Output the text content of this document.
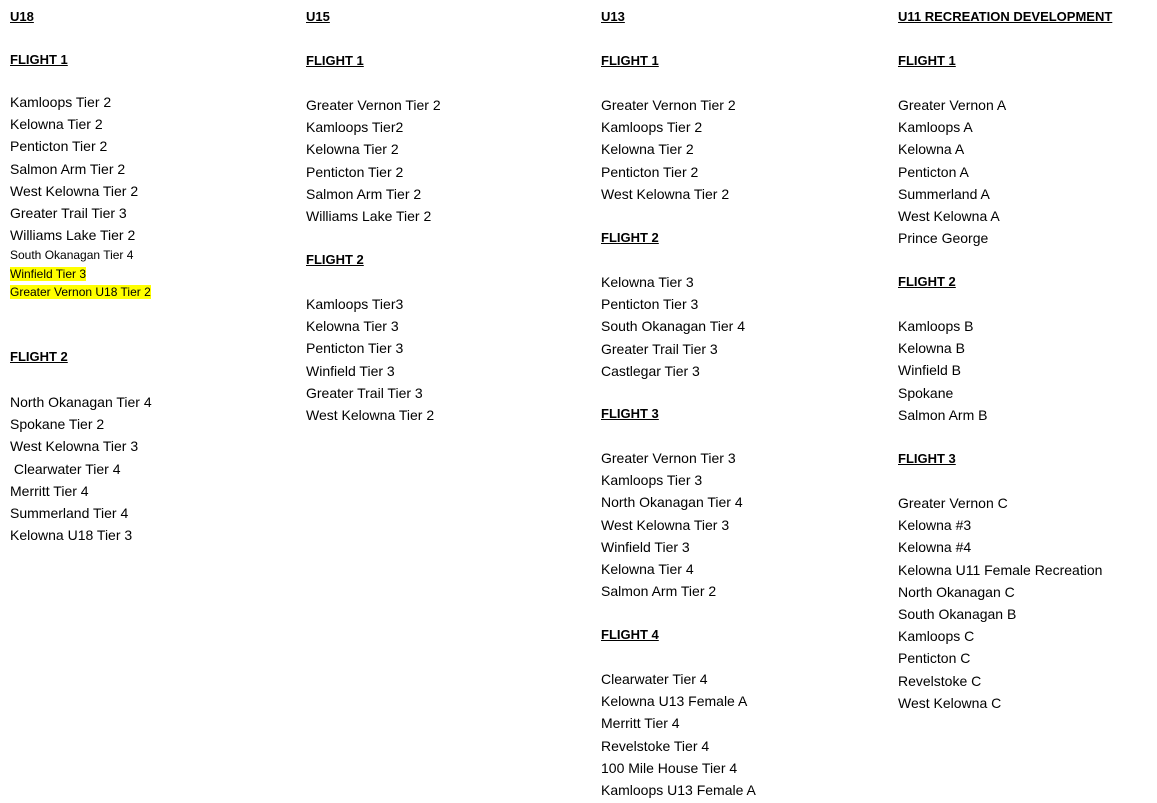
U18
FLIGHT 1
Kamloops Tier 2
Kelowna Tier 2
Penticton Tier 2
Salmon Arm Tier 2
West Kelowna Tier 2
Greater Trail Tier 3
Williams Lake Tier 2
South Okanagan Tier 4
Winfield Tier 3
Greater Vernon U18 Tier 2
FLIGHT 2
North Okanagan Tier 4
Spokane Tier 2
West Kelowna Tier 3
Clearwater Tier 4
Merritt Tier 4
Summerland Tier 4
Kelowna U18 Tier 3
U15
FLIGHT 1
Greater Vernon Tier 2
Kamloops Tier2
Kelowna Tier 2
Penticton Tier 2
Salmon Arm Tier 2
Williams Lake Tier 2
FLIGHT 2
Kamloops Tier3
Kelowna Tier 3
Penticton Tier 3
Winfield Tier 3
Greater Trail Tier 3
West Kelowna Tier 2
U13
FLIGHT 1
Greater Vernon Tier 2
Kamloops Tier 2
Kelowna Tier 2
Penticton Tier 2
West Kelowna Tier 2
FLIGHT 2
Kelowna Tier 3
Penticton Tier 3
South Okanagan Tier 4
Greater Trail Tier 3
Castlegar Tier 3
FLIGHT 3
Greater Vernon Tier 3
Kamloops Tier 3
North Okanagan Tier 4
West Kelowna Tier 3
Winfield Tier 3
Kelowna Tier 4
Salmon Arm Tier 2
FLIGHT 4
Clearwater Tier 4
Kelowna U13 Female A
Merritt Tier 4
Revelstoke Tier 4
100 Mile House Tier 4
Kamloops U13 Female A
U11 RECREATION DEVELOPMENT
FLIGHT 1
Greater Vernon A
Kamloops A
Kelowna A
Penticton A
Summerland A
West Kelowna A
Prince George
FLIGHT 2
Kamloops B
Kelowna B
Winfield B
Spokane
Salmon Arm B
FLIGHT 3
Greater Vernon C
Kelowna #3
Kelowna #4
Kelowna U11 Female Recreation
North Okanagan C
South Okanagan B
Kamloops C
Penticton C
Revelstoke C
West Kelowna C
